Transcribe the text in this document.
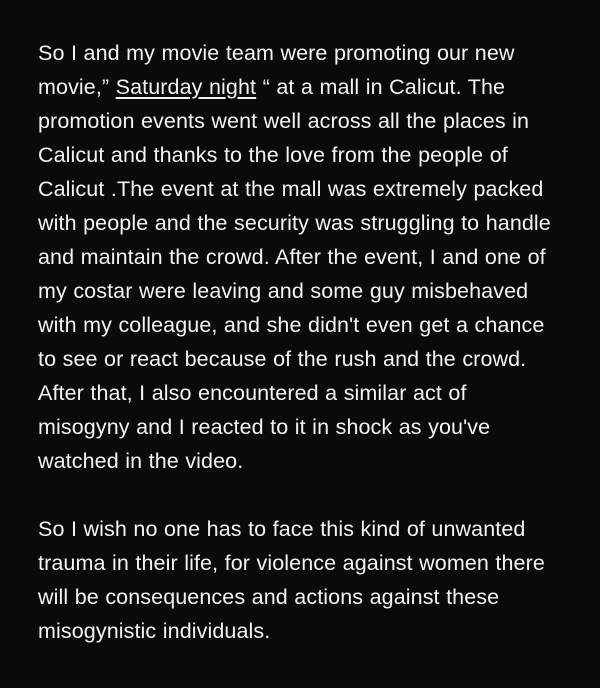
So I and my movie team were promoting our new movie,” Saturday night “ at a mall in Calicut. The promotion events went well across all the places in Calicut and thanks to the love from the people of Calicut .The event at the mall was extremely packed with people and the security was struggling to handle and maintain the crowd. After the event, I and one of my costar were leaving and some guy misbehaved with my colleague, and she didn't even get a chance to see or react because of the rush and the crowd. After that, I also encountered a similar act of misogyny and I reacted to it in shock as you've watched in the video.

So I wish no one has to face this kind of unwanted trauma in their life, for violence against women there will be consequences and actions against these misogynistic individuals.
